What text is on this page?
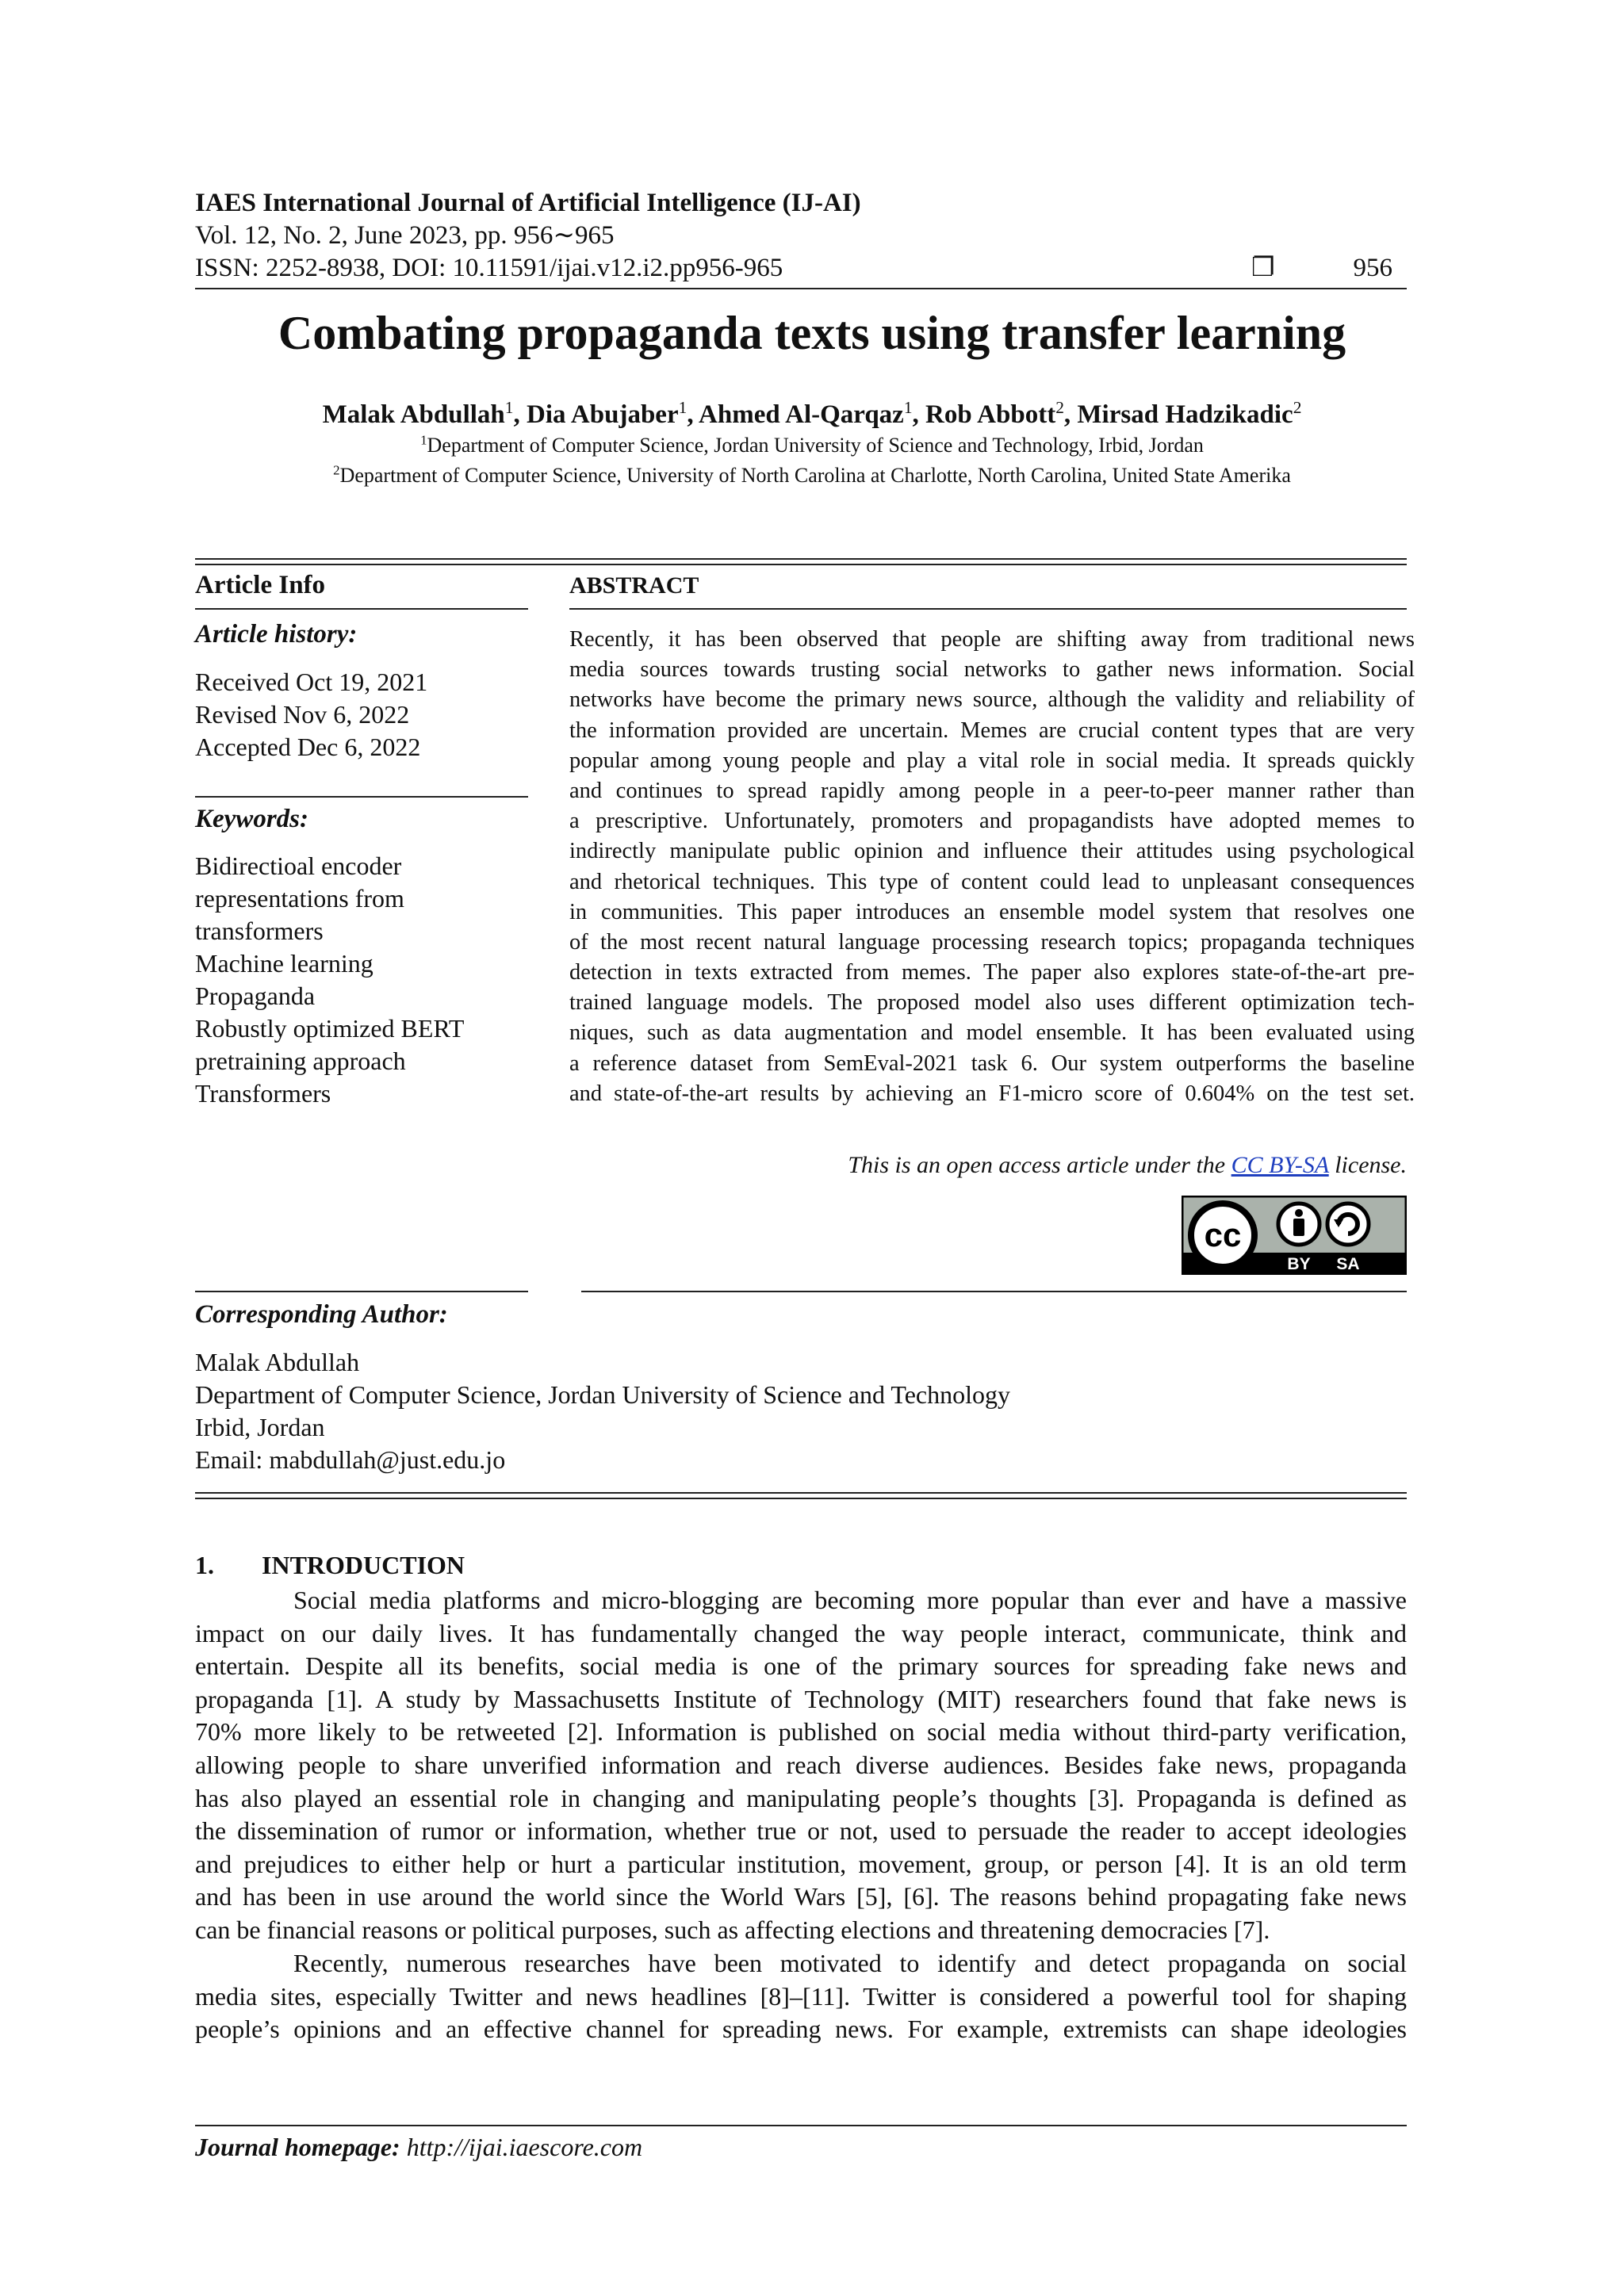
IAES International Journal of Artificial Intelligence (IJ-AI)
Vol. 12, No. 2, June 2023, pp. 956∼965
ISSN: 2252-8938, DOI: 10.11591/ijai.v12.i2.pp956-965	❐	956
Combating propaganda texts using transfer learning
Malak Abdullah$^1$, Dia Abujaber$^1$, Ahmed Al-Qarqaz$^1$, Rob Abbott$^2$, Mirsad Hadzikadic$^2$
$^1$Department of Computer Science, Jordan University of Science and Technology, Irbid, Jordan
$^2$Department of Computer Science, University of North Carolina at Charlotte, North Carolina, United State Amerika
Article Info
Article history:
Received Oct 19, 2021
Revised Nov 6, 2022
Accepted Dec 6, 2022
Keywords:
Bidirectioal encoder
representations from
transformers
Machine learning
Propaganda
Robustly optimized BERT
pretraining approach
Transformers
ABSTRACT
Recently, it has been observed that people are shifting away from traditional news
media sources towards trusting social networks to gather news information. Social
networks have become the primary news source, although the validity and reliability of
the information provided are uncertain. Memes are crucial content types that are very
popular among young people and play a vital role in social media. It spreads quickly
and continues to spread rapidly among people in a peer-to-peer manner rather than
a prescriptive. Unfortunately, promoters and propagandists have adopted memes to
indirectly manipulate public opinion and influence their attitudes using psychological
and rhetorical techniques. This type of content could lead to unpleasant consequences
in communities. This paper introduces an ensemble model system that resolves one
of the most recent natural language processing research topics; propaganda techniques
detection in texts extracted from memes. The paper also explores state-of-the-art pre-
trained language models. The proposed model also uses different optimization tech-
niques, such as data augmentation and model ensemble. It has been evaluated using
a reference dataset from SemEval-2021 task 6. Our system outperforms the baseline
and state-of-the-art results by achieving an F1-micro score of 0.604% on the test set.
This is an open access article under the CC BY-SA license.
cc
BY SA
Corresponding Author:
Malak Abdullah
Department of Computer Science, Jordan University of Science and Technology
Irbid, Jordan
Email: mabdullah@just.edu.jo
1. INTRODUCTION
Social media platforms and micro-blogging are becoming more popular than ever and have a massive
impact on our daily lives. It has fundamentally changed the way people interact, communicate, think and
entertain. Despite all its benefits, social media is one of the primary sources for spreading fake news and
propaganda [1]. A study by Massachusetts Institute of Technology (MIT) researchers found that fake news is
70% more likely to be retweeted [2]. Information is published on social media without third-party verification,
allowing people to share unverified information and reach diverse audiences. Besides fake news, propaganda
has also played an essential role in changing and manipulating people’s thoughts [3]. Propaganda is defined as
the dissemination of rumor or information, whether true or not, used to persuade the reader to accept ideologies
and prejudices to either help or hurt a particular institution, movement, group, or person [4]. It is an old term
and has been in use around the world since the World Wars [5], [6]. The reasons behind propagating fake news
can be financial reasons or political purposes, such as affecting elections and threatening democracies [7].
Recently, numerous researches have been motivated to identify and detect propaganda on social
media sites, especially Twitter and news headlines [8]–[11]. Twitter is considered a powerful tool for shaping
people’s opinions and an effective channel for spreading news. For example, extremists can shape ideologies
Journal homepage: http://ijai.iaescore.com
